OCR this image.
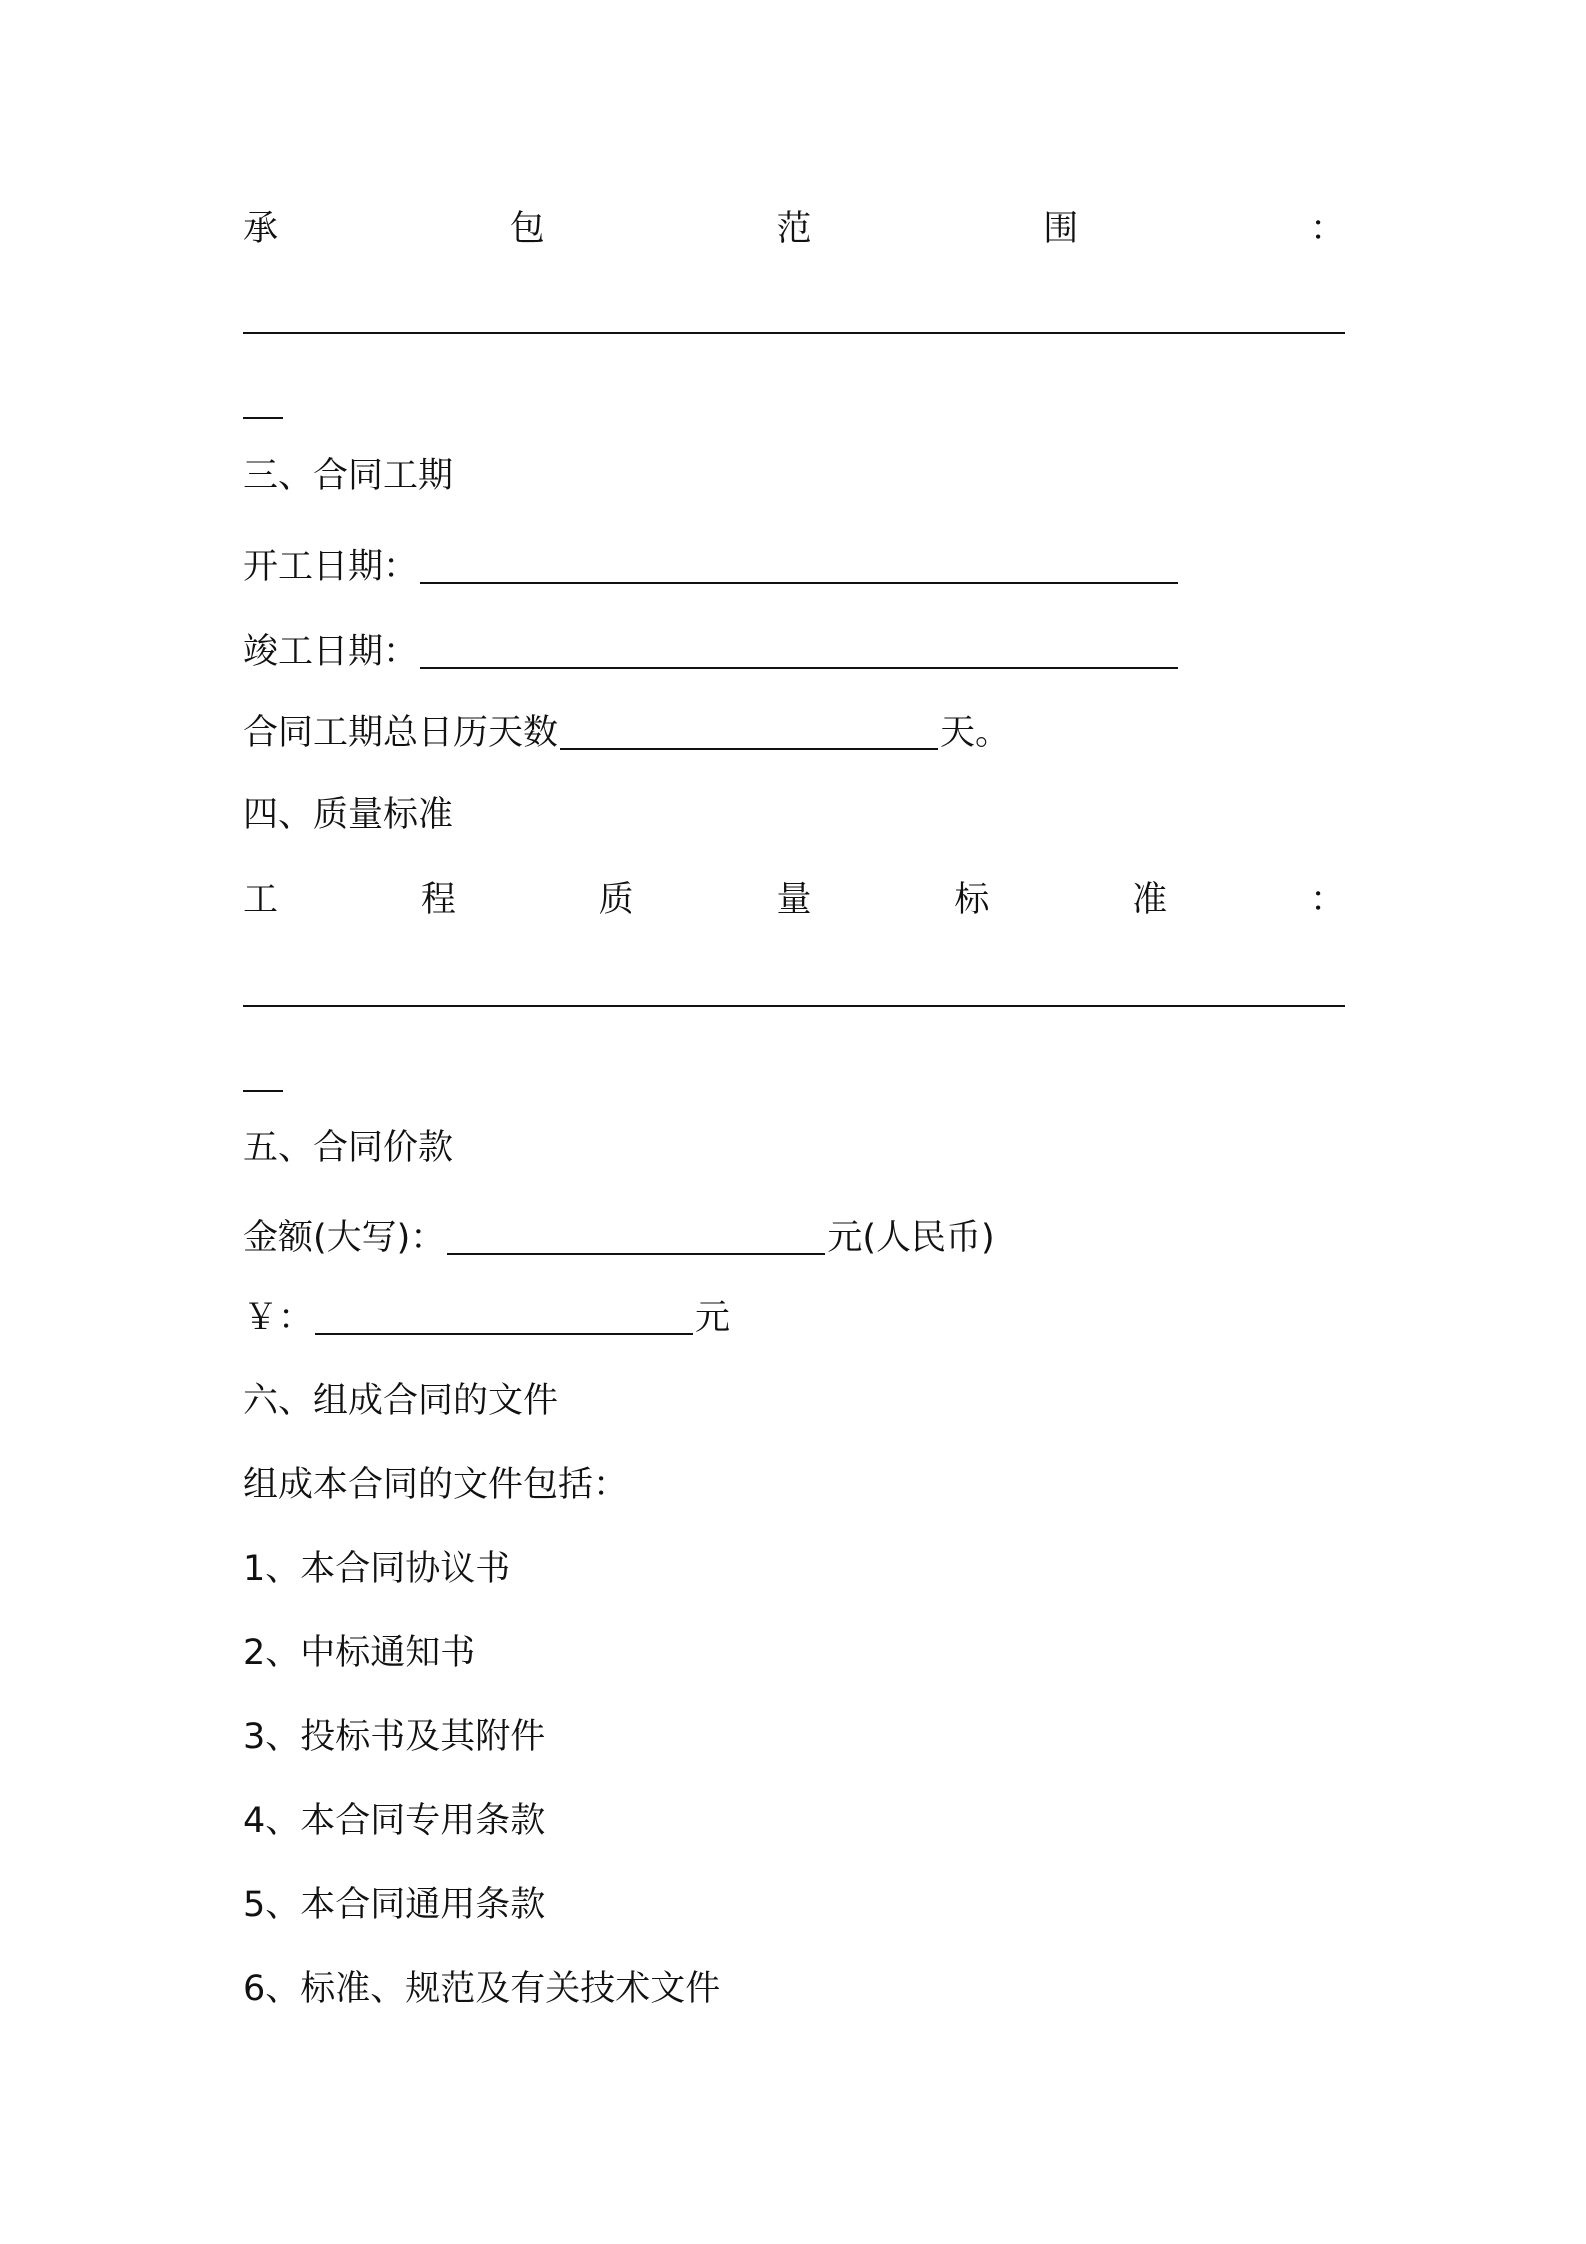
承	包	范	围	：
三、合同工期
开工日期：
竣工日期：
合同工期总日历天数	天。
四、质量标准
工	程	质	量	标	准	：
五、合同价款
金额(大写)：	元(人民币)
￥：	元
六、组成合同的文件
组成本合同的文件包括：
1、本合同协议书
2、中标通知书
3、投标书及其附件
4、本合同专用条款
5、本合同通用条款
6、标准、规范及有关技术文件
